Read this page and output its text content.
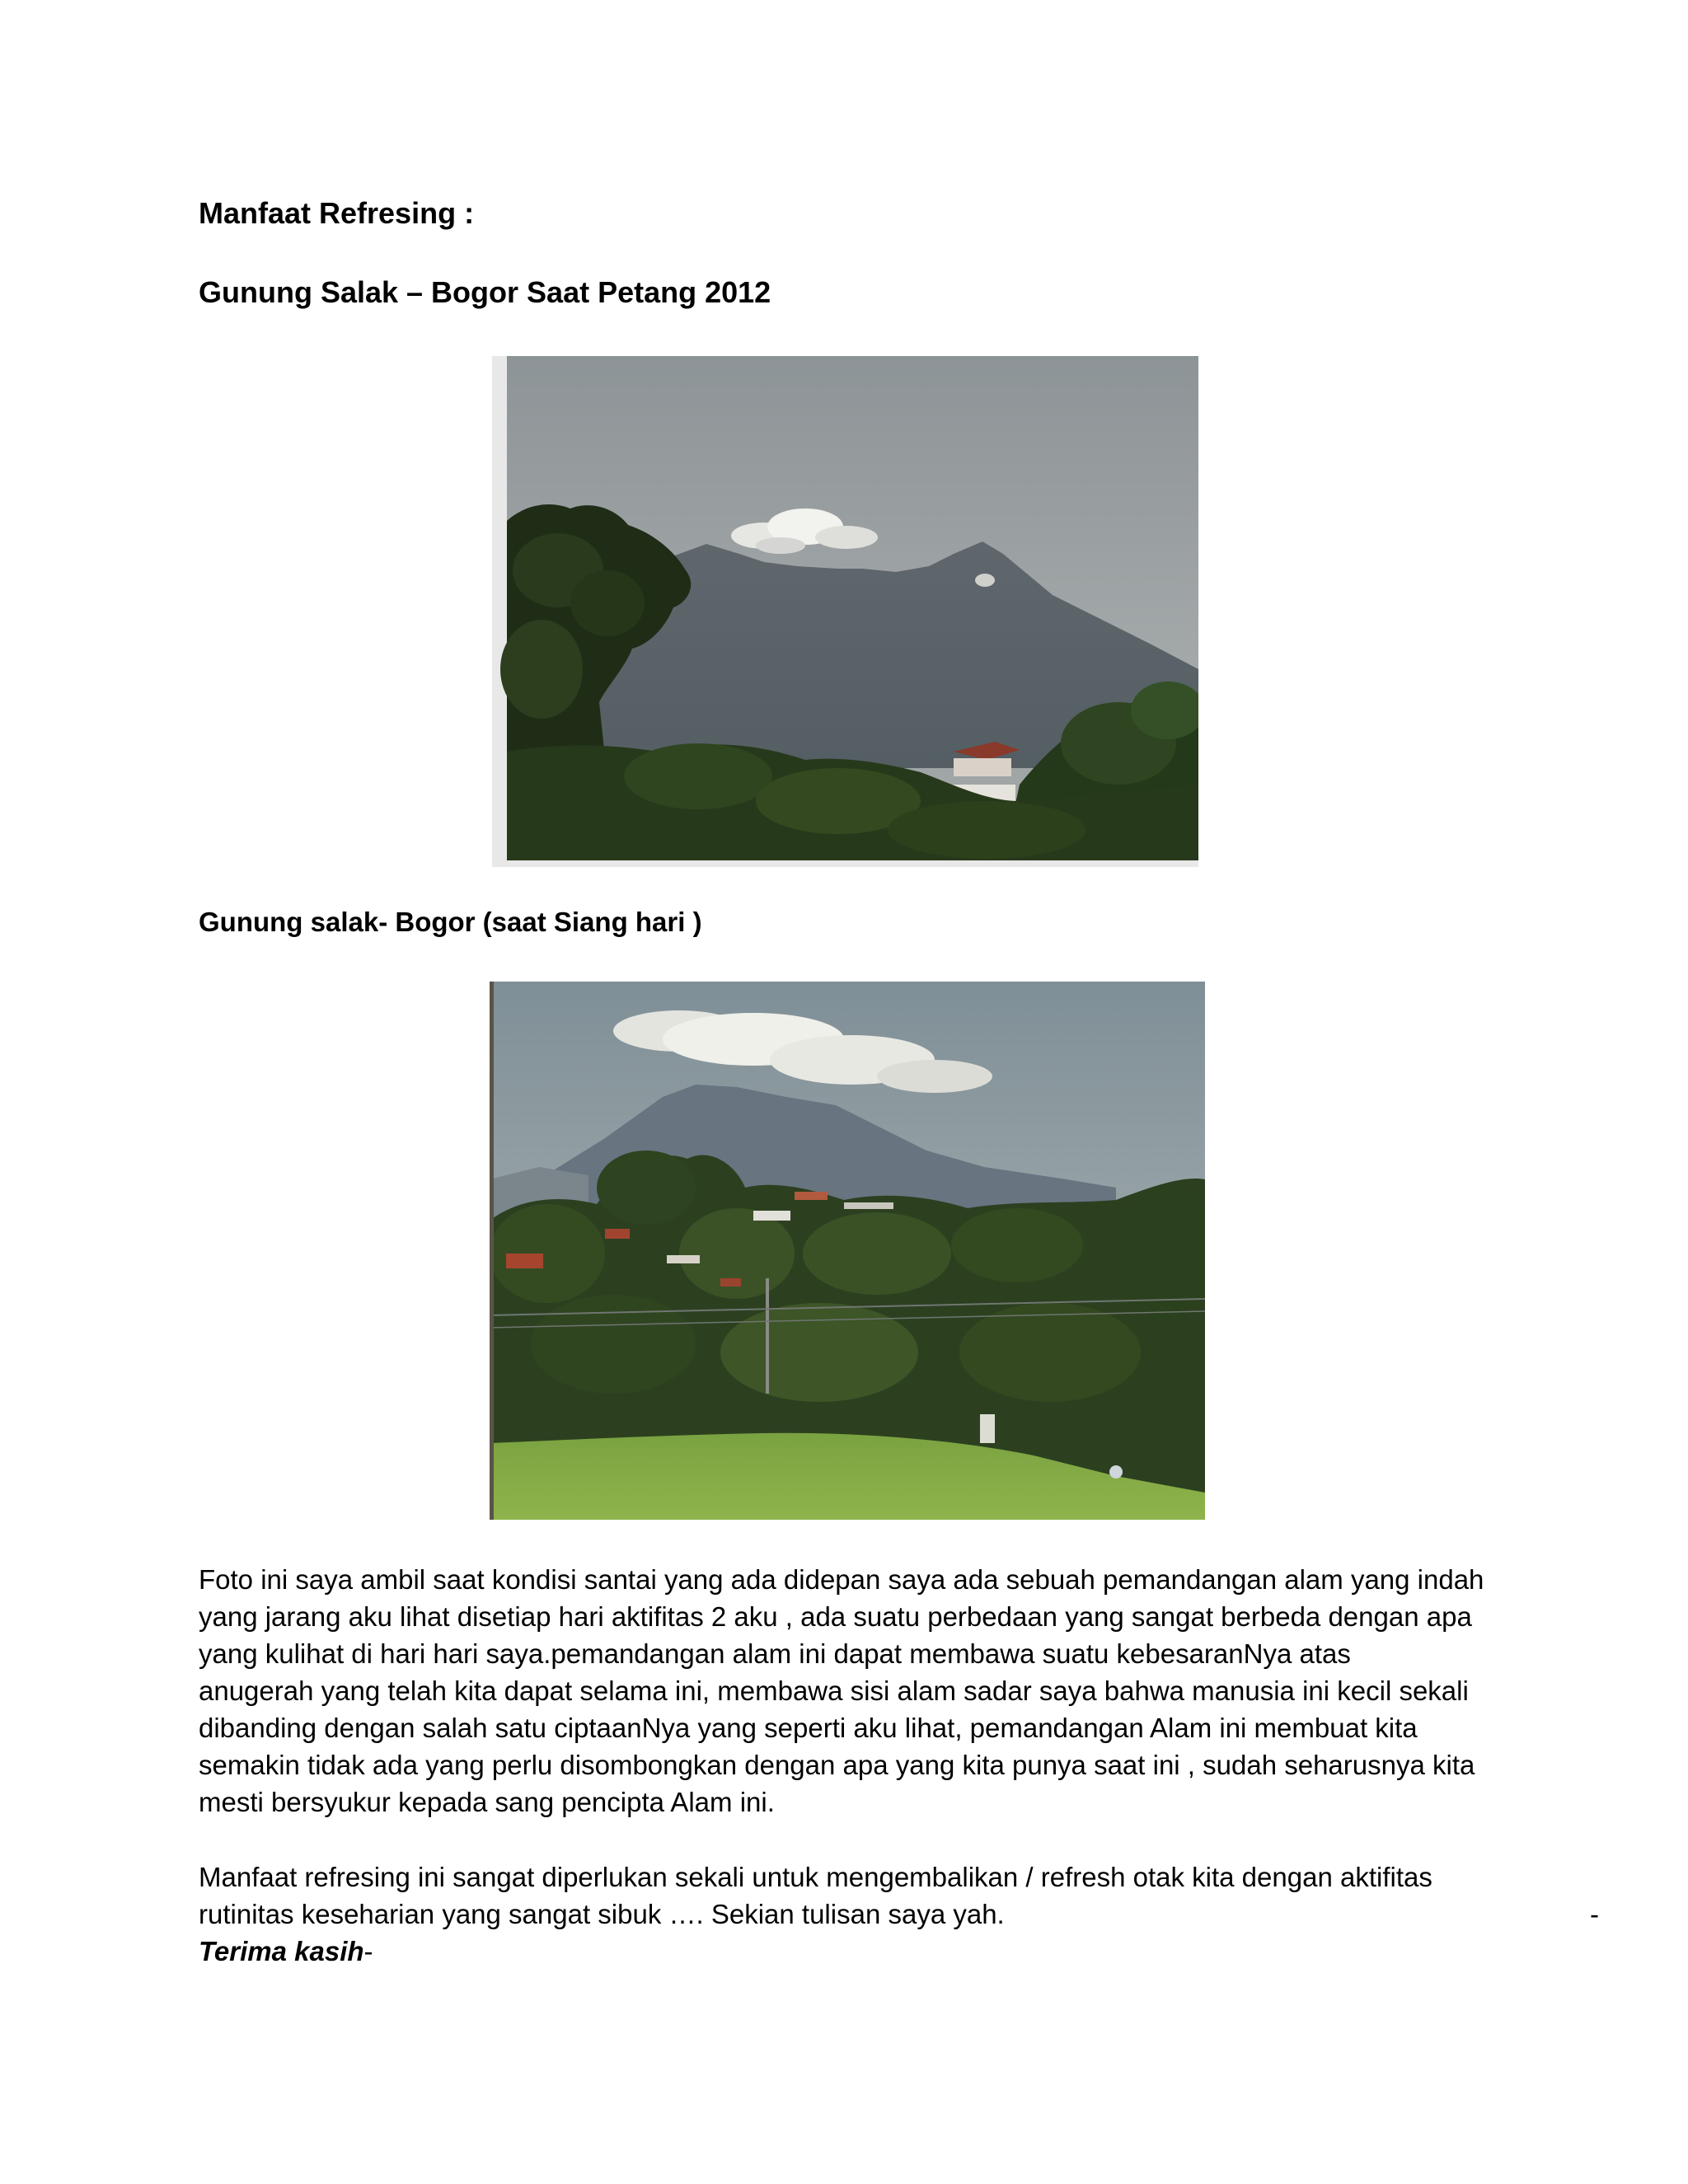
Manfaat Refresing :
Gunung Salak – Bogor Saat Petang 2012
Gunung salak- Bogor (saat Siang hari )
Foto ini saya ambil saat kondisi santai yang ada didepan saya ada sebuah pemandangan alam yang indah
yang jarang aku lihat disetiap hari aktifitas 2 aku , ada suatu perbedaan yang sangat berbeda dengan apa
yang kulihat di hari hari saya.pemandangan alam ini dapat membawa suatu kebesaranNya atas
anugerah yang telah kita dapat selama ini, membawa sisi alam sadar saya bahwa manusia ini kecil sekali
dibanding dengan salah satu ciptaanNya yang seperti aku lihat, pemandangan Alam ini membuat kita
semakin tidak ada yang perlu disombongkan dengan apa yang kita punya saat ini , sudah seharusnya kita
mesti bersyukur kepada sang pencipta Alam ini.
Manfaat refresing ini sangat diperlukan sekali untuk mengembalikan / refresh otak kita dengan aktifitas
rutinitas keseharian yang sangat sibuk …. Sekian tulisan saya yah.	-
Terima kasih-
